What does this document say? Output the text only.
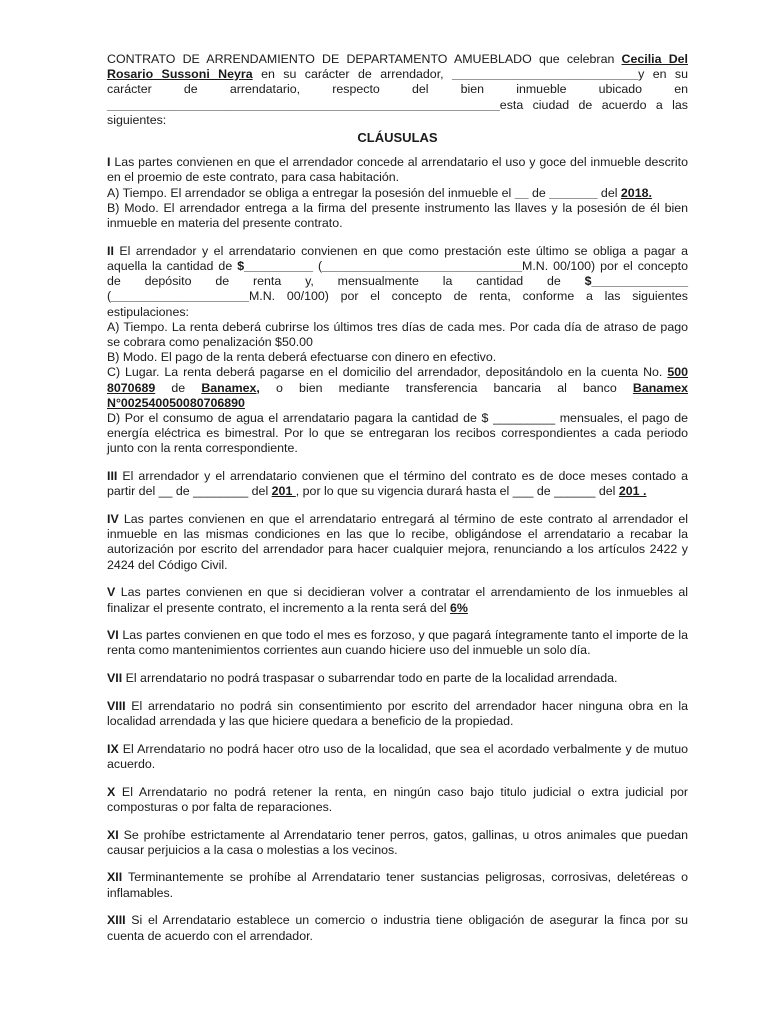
CONTRATO DE ARRENDAMIENTO DE DEPARTAMENTO AMUEBLADO que celebran Cecilia Del

Rosario Sussoni Neyra en su carácter de arrendador, ___________________________y en su

carácter de arrendatario, respecto del bien inmueble ubicado en

_________________________________________________________esta ciudad de acuerdo a las

siguientes:

CLÁUSULAS

I Las partes convienen en que el arrendador concede al arrendatario el uso y goce del inmueble descrito en el proemio de este contrato, para casa habitación.

A) Tiempo. El arrendador se obliga a entregar la posesión del inmueble el __ de _______ del 2018.

B) Modo. El arrendador entrega a la firma del presente instrumento las llaves y la posesión de él bien inmueble en materia del presente contrato.

II El arrendador y el arrendatario convienen en que como prestación este último se obliga a pagar a

aquella la cantidad de $__________ (_____________________________M.N. 00/100) por el concepto

de depósito de renta y, mensualmente la cantidad de $______________

(____________________M.N. 00/100) por el concepto de renta, conforme a las siguientes

estipulaciones:

A) Tiempo. La renta deberá cubrirse los últimos tres días de cada mes. Por cada día de atraso de pago se cobrara como penalización $50.00

B) Modo. El pago de la renta deberá efectuarse con dinero en efectivo.

C) Lugar. La renta deberá pagarse en el domicilio del arrendador, depositándolo en la cuenta No. 500 8070689 de Banamex, o bien mediante transferencia bancaria al banco Banamex N°002540050080706890

D) Por el consumo de agua el arrendatario pagara la cantidad de $ _________ mensuales, el pago de energía eléctrica es bimestral. Por lo que se entregaran los recibos correspondientes a cada periodo junto con la renta correspondiente.

III El arrendador y el arrendatario convienen que el término del contrato es de doce meses contado a partir del __ de ________ del 201 , por lo que su vigencia durará hasta el ___ de ______ del 201 .

IV Las partes convienen en que el arrendatario entregará al término de este contrato al arrendador el inmueble en las mismas condiciones en las que lo recibe, obligándose el arrendatario a recabar la autorización por escrito del arrendador para hacer cualquier mejora, renunciando a los artículos 2422 y 2424 del Código Civil.

V Las partes convienen en que si decidieran volver a contratar el arrendamiento de los inmuebles al finalizar el presente contrato, el incremento a la renta será del 6%

VI Las partes convienen en que todo el mes es forzoso, y que pagará íntegramente tanto el importe de la renta como mantenimientos corrientes aun cuando hiciere uso del inmueble un solo día.

VII El arrendatario no podrá traspasar o subarrendar todo en parte de la localidad arrendada.

VIII El arrendatario no podrá sin consentimiento por escrito del arrendador hacer ninguna obra en la localidad arrendada y las que hiciere quedara a beneficio de la propiedad.

IX El Arrendatario no podrá hacer otro uso de la localidad, que sea el acordado verbalmente y de mutuo acuerdo.

X El Arrendatario no podrá retener la renta, en ningún caso bajo titulo judicial o extra judicial por composturas o por falta de reparaciones.

XI Se prohíbe estrictamente al Arrendatario tener perros, gatos, gallinas, u otros animales que puedan causar perjuicios a la casa o molestias a los vecinos.

XII Terminantemente se prohíbe al Arrendatario tener sustancias peligrosas, corrosivas, deletéreas o inflamables.

XIII Si el Arrendatario establece un comercio o industria tiene obligación de asegurar la finca por su cuenta de acuerdo con el arrendador.
